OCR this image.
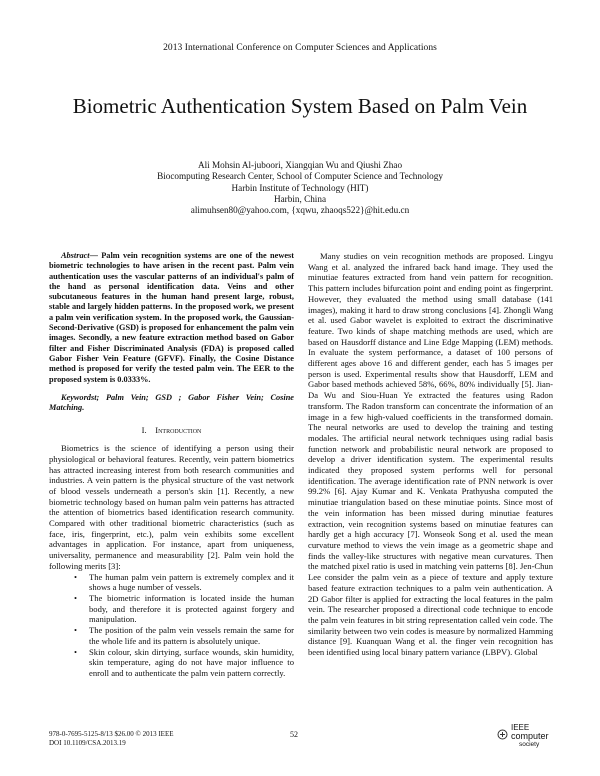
2013 International Conference on Computer Sciences and Applications
Biometric Authentication System Based on Palm Vein
Ali Mohsin Al-juboori, Xiangqian Wu and Qiushi Zhao
Biocomputing Research Center, School of Computer Science and Technology
Harbin Institute of Technology (HIT)
Harbin, China
alimuhsen80@yahoo.com, {xqwu, zhaoqs522}@hit.edu.cn

Abstract— Palm vein recognition systems are one of the newest biometric technologies to have arisen in the recent past. Palm vein authentication uses the vascular patterns of an individual's palm of the hand as personal identification data. Veins and other subcutaneous features in the human hand present large, robust, stable and largely hidden patterns. In the proposed work, we present a palm vein verification system. In the proposed work, the Gaussian-Second-Derivative (GSD) is proposed for enhancement the palm vein images. Secondly, a new feature extraction method based on Gabor filter and Fisher Discriminated Analysis (FDA) is proposed called Gabor Fisher Vein Feature (GFVF). Finally, the Cosine Distance method is proposed for verify the tested palm vein. The EER to the proposed system is 0.0333%.

Keywordst; Palm Vein; GSD ; Gabor Fisher Vein; Cosine Matching.

I. Introduction

Biometrics is the science of identifying a person using their physiological or behavioral features. Recently, vein pattern biometrics has attracted increasing interest from both research communities and industries. A vein pattern is the physical structure of the vast network of blood vessels underneath a person's skin [1]. Recently, a new biometric technology based on human palm vein patterns has attracted the attention of biometrics based identification research community. Compared with other traditional biometric characteristics (such as face, iris, fingerprint, etc.), palm vein exhibits some excellent advantages in application. For instance, apart from uniqueness, universality, permanence and measurability [2]. Palm vein hold the following merits [3]:

• The human palm vein pattern is extremely complex and it shows a huge number of vessels.
• The biometric information is located inside the human body, and therefore it is protected against forgery and manipulation.
• The position of the palm vein vessels remain the same for the whole life and its pattern is absolutely unique.
• Skin colour, skin dirtying, surface wounds, skin humidity, skin temperature, aging do not have major influence to enroll and to authenticate the palm vein pattern correctly.

Many studies on vein recognition methods are proposed. Lingyu Wang et al. analyzed the infrared back hand image. They used the minutiae features extracted from hand vein pattern for recognition. This pattern includes bifurcation point and ending point as fingerprint. However, they evaluated the method using small database (141 images), making it hard to draw strong conclusions [4]. Zhongli Wang et al. used Gabor wavelet is exploited to extract the discriminative feature. Two kinds of shape matching methods are used, which are based on Hausdorff distance and Line Edge Mapping (LEM) methods. In evaluate the system performance, a dataset of 100 persons of different ages above 16 and different gender, each has 5 images per person is used. Experimental results show that Hausdorff, LEM and Gabor based methods achieved 58%, 66%, 80% individually [5]. Jian-Da Wu and Siou-Huan Ye extracted the features using Radon transform. The Radon transform can concentrate the information of an image in a few high-valued coefficients in the transformed domain. The neural networks are used to develop the training and testing modales. The artificial neural network techniques using radial basis function network and probabilistic neural network are proposed to develop a driver identification system. The experimental results indicated they proposed system performs well for personal identification. The average identification rate of PNN network is over 99.2% [6]. Ajay Kumar and K. Venkata Prathyusha computed the minutiae triangulation based on these minutiae points. Since most of the vein information has been missed during minutiae features extraction, vein recognition systems based on minutiae features can hardly get a high accuracy [7]. Wonseok Song et al. used the mean curvature method to views the vein image as a geometric shape and finds the valley-like structures with negative mean curvatures. Then the matched pixel ratio is used in matching vein patterns [8]. Jen-Chun Lee consider the palm vein as a piece of texture and apply texture based feature extraction techniques to a palm vein authentication. A 2D Gabor filter is applied for extracting the local features in the palm vein. The researcher proposed a directional code technique to encode the palm vein features in bit string representation called vein code. The similarity between two vein codes is measure by normalized Hamming distance [9]. Kuanquan Wang et al. the finger vein recognition has been identified using local binary pattern variance (LBPV). Global

978-0-7695-5125-8/13 $26.00 © 2013 IEEE
DOI 10.1109/CSA.2013.19
52
IEEE
computer
society
